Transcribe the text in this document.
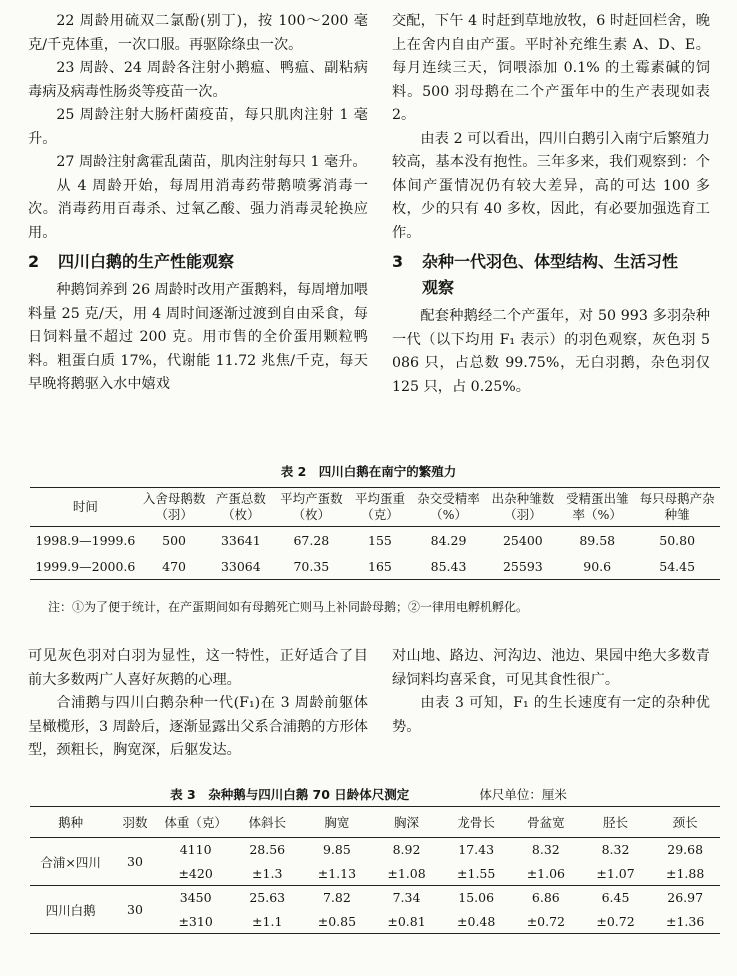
22 周龄用硫双二氯酚(别丁)，按 100～200 毫克/千克体重，一次口服。再驱除绦虫一次。

23 周龄、24 周龄各注射小鹅瘟、鸭瘟、副粘病毒病及病毒性肠炎等疫苗一次。

25 周龄注射大肠杆菌疫苗，每只肌肉注射 1 毫升。

27 周龄注射禽霍乱菌苗，肌肉注射每只 1 毫升。

从 4 周龄开始，每周用消毒药带鹅喷雾消毒一次。消毒药用百毒杀、过氧乙酸、强力消毒灵轮换应用。

2 四川白鹅的生产性能观察

种鹅饲养到 26 周龄时改用产蛋鹅料，每周增加喂料量 25 克/天，用 4 周时间逐渐过渡到自由采食，每日饲料量不超过 200 克。用市售的全价蛋用颗粒鸭料。粗蛋白质 17%，代谢能 11.72 兆焦/千克，每天早晚将鹅驱入水中嬉戏

交配，下午 4 时赶到草地放牧，6 时赶回栏舍，晚上在舍内自由产蛋。平时补充维生素 A、D、E。每月连续三天，饲喂添加 0.1% 的土霉素碱的饲料。500 羽母鹅在二个产蛋年中的生产表现如表 2。

由表 2 可以看出，四川白鹅引入南宁后繁殖力较高，基本没有抱性。三年多来，我们观察到：个体间产蛋情况仍有较大差异，高的可达 100 多枚，少的只有 40 多枚，因此，有必要加强选育工作。

3 杂种一代羽色、体型结构、生活习性
观察

配套种鹅经二个产蛋年，对 50 993 多羽杂种一代（以下均用 F₁ 表示）的羽色观察，灰色羽 5 086 只，占总数 99.75%，无白羽鹅，杂色羽仅 125 只，占 0.25%。

表 2　四川白鹅在南宁的繁殖力
时间	入舍母鹅数（羽）	产蛋总数（枚）	平均产蛋数（枚）	平均蛋重（克）	杂交受精率（%）	出杂种雏数（羽）	受精蛋出雏率（%）	每只母鹅产杂种雏
1998.9—1999.6	500	33641	67.28	155	84.29	25400	89.58	50.80
1999.9—2000.6	470	33064	70.35	165	85.43	25593	90.6	54.45
注：①为了便于统计，在产蛋期间如有母鹅死亡则马上补同龄母鹅；②一律用电孵机孵化。

可见灰色羽对白羽为显性，这一特性，正好适合了目前大多数两广人喜好灰鹅的心理。

合浦鹅与四川白鹅杂种一代(F₁)在 3 周龄前躯体呈橄榄形，3 周龄后，逐渐显露出父系合浦鹅的方形体型，颈粗长，胸宽深，后躯发达。

对山地、路边、河沟边、池边、果园中绝大多数青绿饲料均喜采食，可见其食性很广。

由表 3 可知，F₁ 的生长速度有一定的杂种优势。

表 3　杂种鹅与四川白鹅 70 日龄体尺测定	体尺单位：厘米
鹅种	羽数	体重（克）	体斜长	胸宽	胸深	龙骨长	骨盆宽	胫长	颈长
合浦×四川	30	4110	28.56	9.85	8.92	17.43	8.32	8.32	29.68
		±420	±1.3	±1.13	±1.08	±1.55	±1.06	±1.07	±1.88
四川白鹅	30	3450	25.63	7.82	7.34	15.06	6.86	6.45	26.97
		±310	±1.1	±0.85	±0.81	±0.48	±0.72	±0.72	±1.36
